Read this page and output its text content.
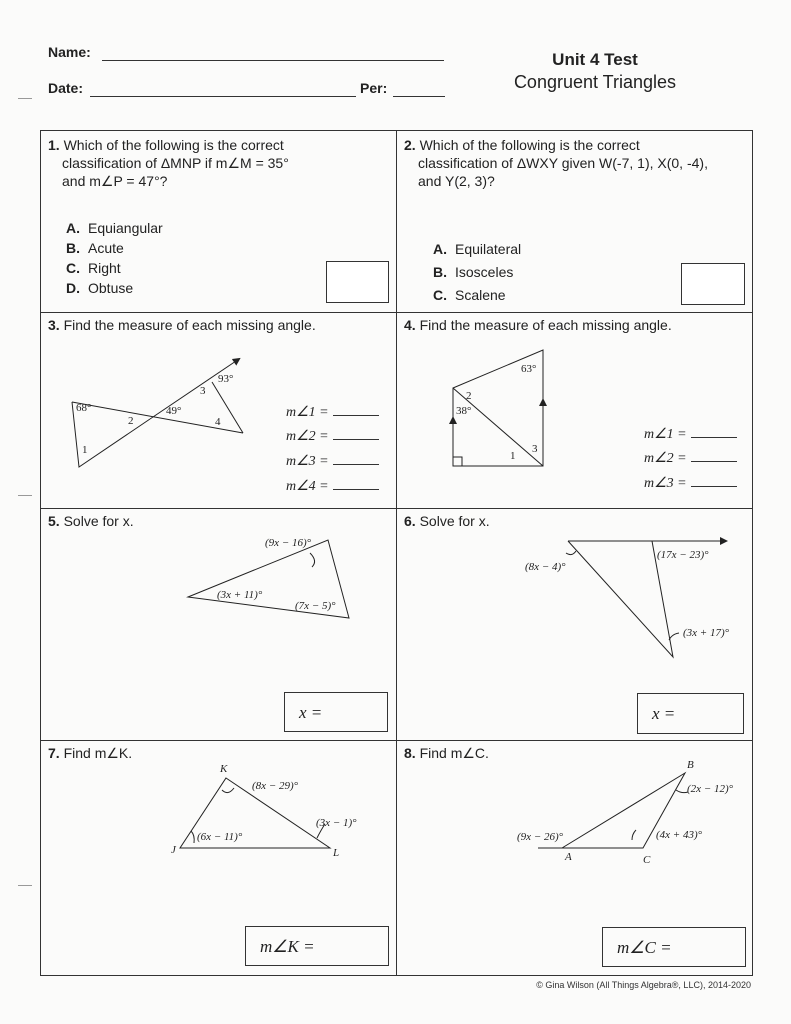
Name:
Date:	Per:
Unit 4 Test
Congruent Triangles
1. Which of the following is the correct
classification of ΔMNP if m∠M = 35°
and m∠P = 47°?
A. Equiangular
B. Acute
C. Right
D. Obtuse
2. Which of the following is the correct
classification of ΔWXY given W(-7, 1), X(0, -4),
and Y(2, 3)?
A. Equilateral
B. Isosceles
C. Scalene
3. Find the measure of each missing angle.
m∠1 =
m∠2 =
m∠3 =
m∠4 =
4. Find the measure of each missing angle.
m∠1 =
m∠2 =
m∠3 =
5. Solve for x.
x =
6. Solve for x.
x =
7. Find m∠K.
m∠K =
8. Find m∠C.
m∠C =
68°	49°
93°
1
2
3
4
63°
38°
2
1
3
(9x − 16)°
(3x + 11)°
(7x − 5)°
(8x − 4)°
(17x − 23)°
(3x + 17)°
K
J	L
(8x − 29)°
(3x − 1)°
(6x − 11)°
B
A	C
(2x − 12)°
(4x + 43)°
(9x − 26)°
© Gina Wilson (All Things Algebra®, LLC), 2014-2020
